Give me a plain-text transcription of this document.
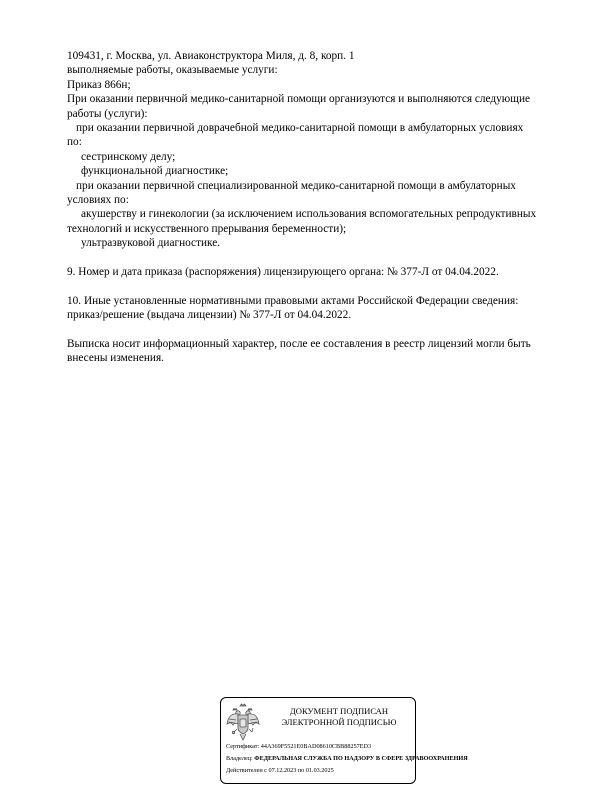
109431, г. Москва, ул. Авиаконструктора Миля, д. 8, корп. 1
выполняемые работы, оказываемые услуги:
Приказ 866н;
При оказании первичной медико-санитарной помощи организуются и выполняются следующие
работы (услуги):
при оказании первичной доврачебной медико-санитарной помощи в амбулаторных условиях
по:
сестринскому делу;
функциональной диагностике;
при оказании первичной специализированной медико-санитарной помощи в амбулаторных
условиях по:
акушерству и гинекологии (за исключением использования вспомогательных репродуктивных
технологий и искусственного прерывания беременности);
ультразвуковой диагностике.
9. Номер и дата приказа (распоряжения) лицензирующего органа: № 377-Л от 04.04.2022.
10. Иные установленные нормативными правовыми актами Российской Федерации сведения:
приказ/решение (выдача лицензии) № 377-Л от 04.04.2022.
Выписка носит информационный характер, после ее составления в реестр лицензий могли быть
внесены изменения.
ДОКУМЕНТ ПОДПИСАН
ЭЛЕКТРОННОЙ ПОДПИСЬЮ
Сертификат: 44A369F5521E0BAD08610CBB88257ED3
Владелец: ФЕДЕРАЛЬНАЯ СЛУЖБА ПО НАДЗОРУ В СФЕРЕ ЗДРАВООХРАНЕНИЯ
Действителен с 07.12.2023 по 01.03.2025
